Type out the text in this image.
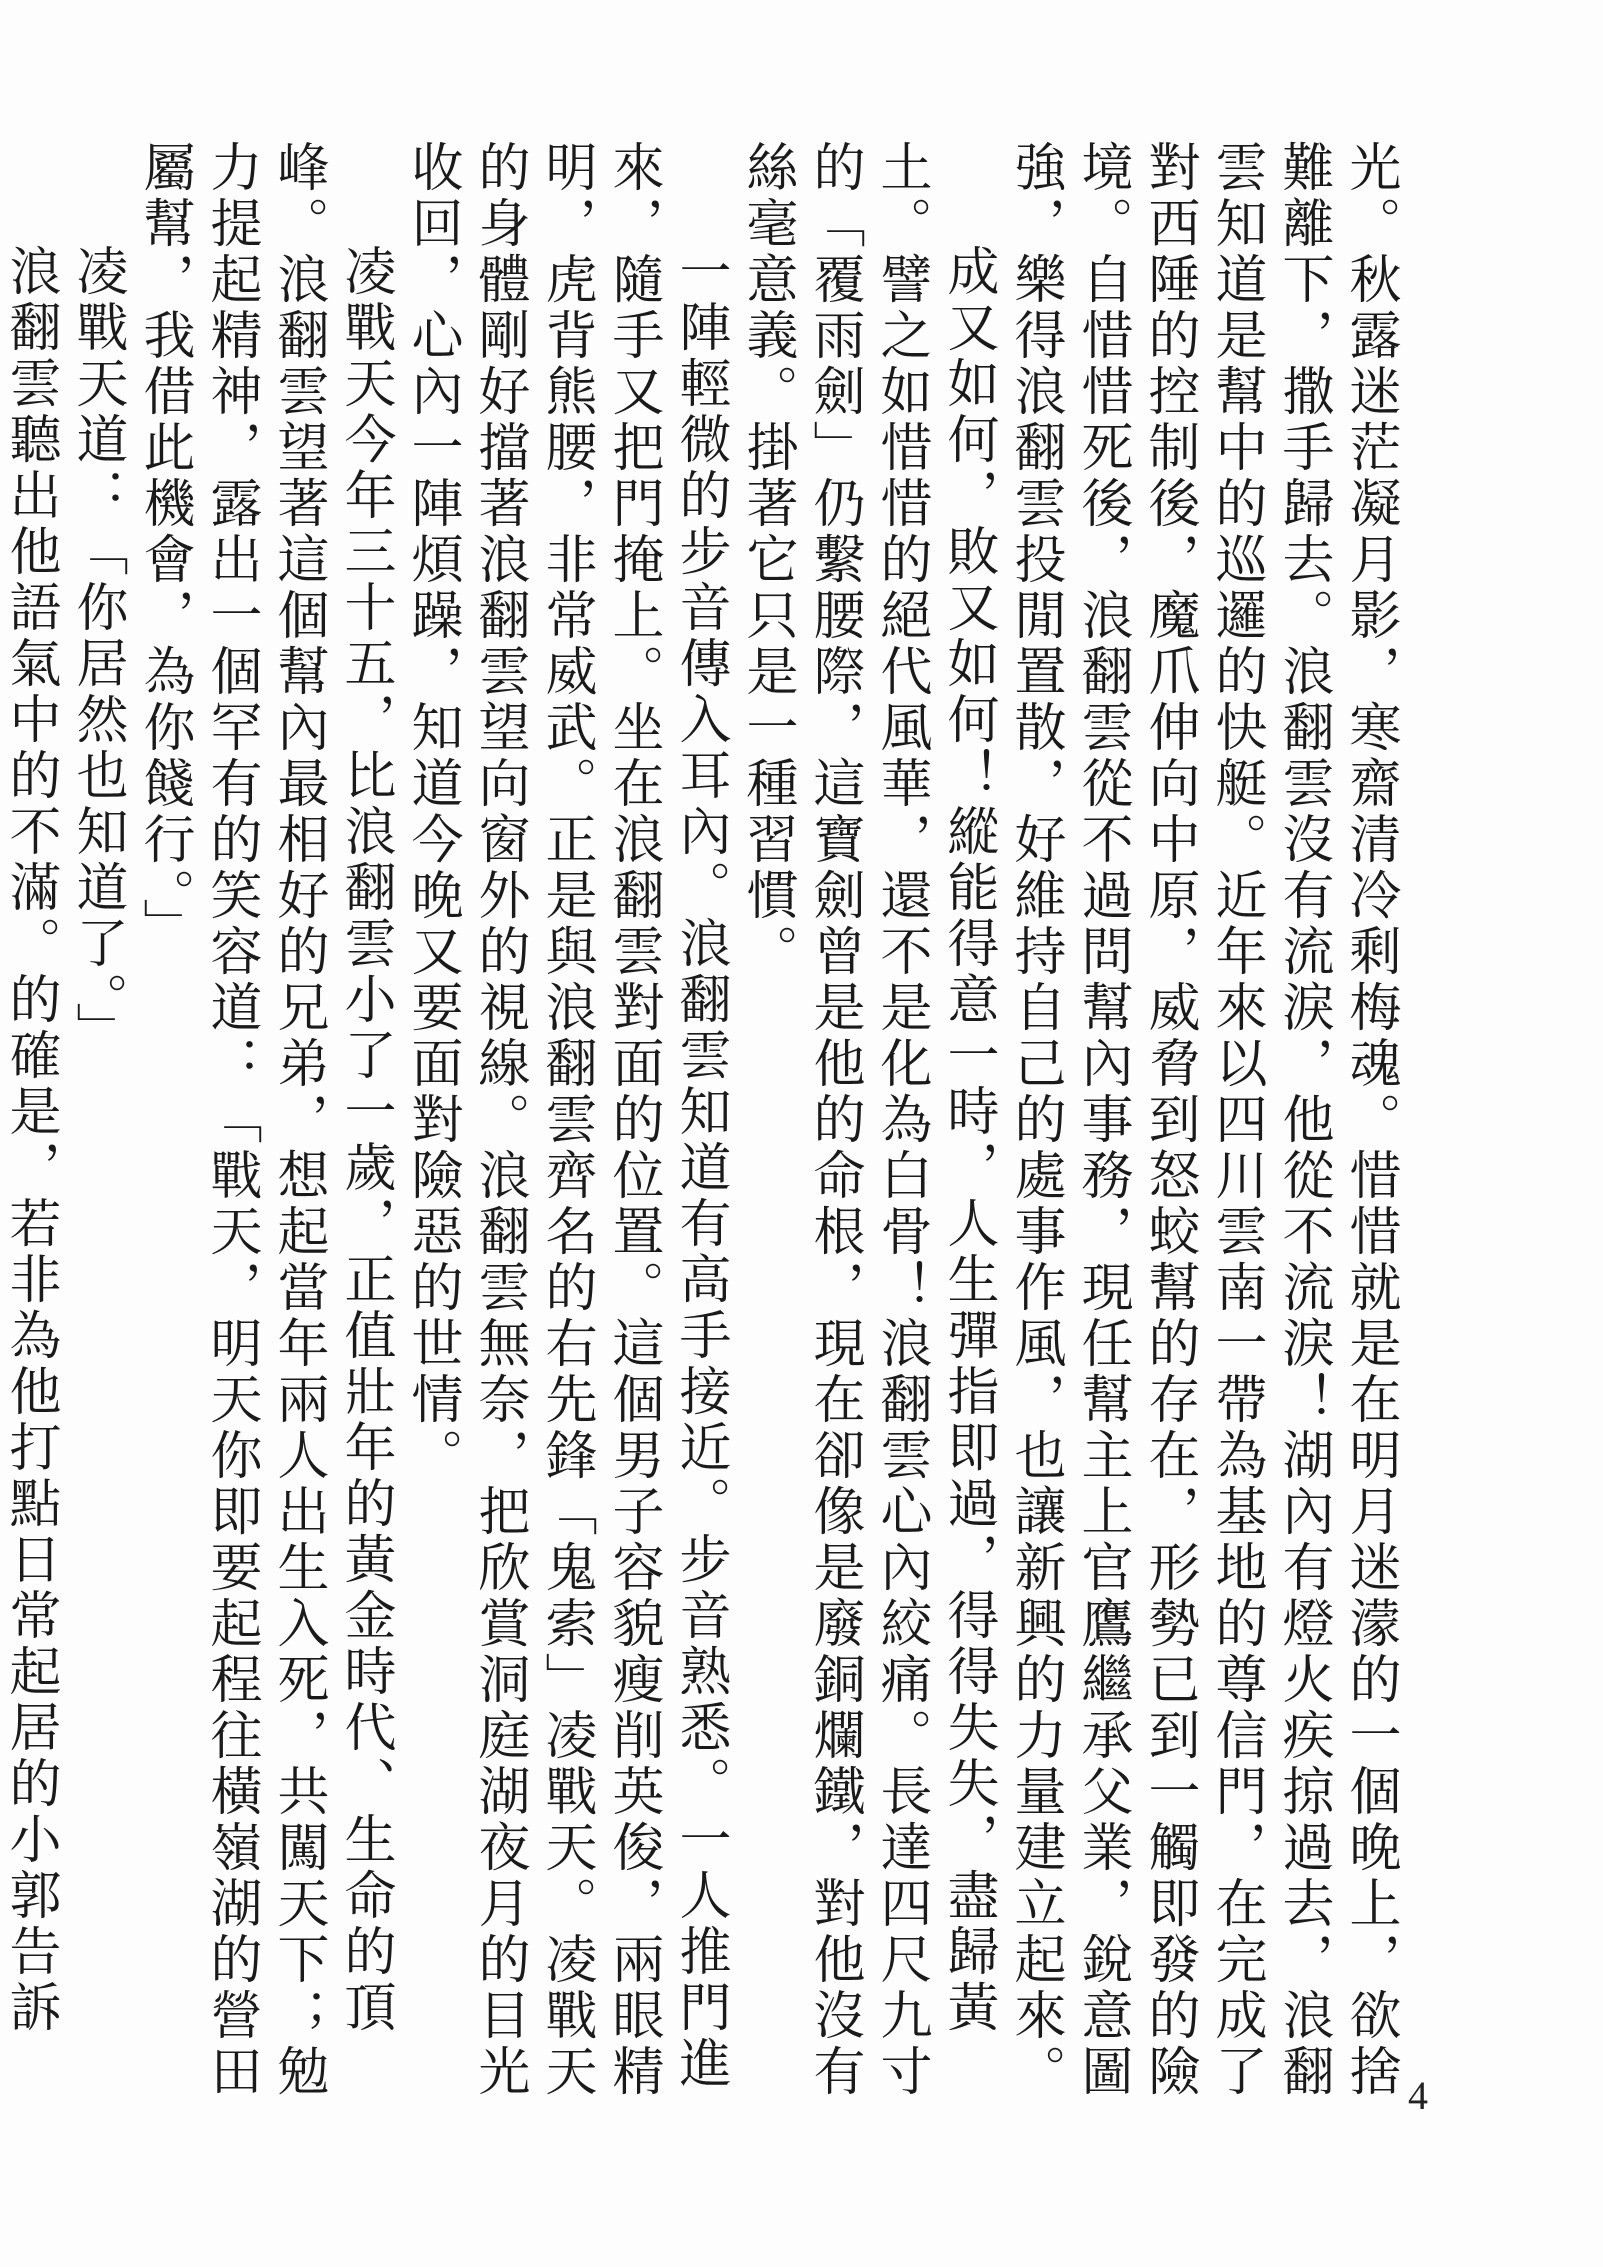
光。秋露迷茫凝月影，寒齋清冷剩梅魂。惜惜就是在明月迷濛的一個晚上，欲捨難離下，撒手歸去。浪翻雲沒有流淚，他從不流淚！湖內有燈火疾掠過去，浪翻雲知道是幫中的巡邏的快艇。近年來以四川雲南一帶為基地的尊信門，在完成了對西陲的控制後，魔爪伸向中原，威脅到怒蛟幫的存在，形勢已到一觸即發的險境。自惜惜死後，浪翻雲從不過問幫內事務，現任幫主上官鷹繼承父業，銳意圖強，樂得浪翻雲投閒置散，好維持自己的處事作風，也讓新興的力量建立起來。

成又如何，敗又如何！縱能得意一時，人生彈指即過，得得失失，盡歸黃土。譬之如惜惜的絕代風華，還不是化為白骨！浪翻雲心內絞痛。長達四尺九寸的「覆雨劍」仍繫腰際，這寶劍曾是他的命根，現在卻像是廢銅爛鐵，對他沒有絲毫意義。掛著它只是一種習慣。

一陣輕微的步音傳入耳內。浪翻雲知道有高手接近。步音熟悉。一人推門進來，隨手又把門掩上。坐在浪翻雲對面的位置。這個男子容貌瘦削英俊，兩眼精明，虎背熊腰，非常威武。正是與浪翻雲齊名的右先鋒「鬼索」凌戰天。凌戰天的身體剛好擋著浪翻雲望向窗外的視線。浪翻雲無奈，把欣賞洞庭湖夜月的目光收回，心內一陣煩躁，知道今晚又要面對險惡的世情。

凌戰天今年三十五，比浪翻雲小了一歲，正值壯年的黃金時代、生命的頂峰。浪翻雲望著這個幫內最相好的兄弟，想起當年兩人出生入死，共闖天下；勉力提起精神，露出一個罕有的笑容道：「戰天，明天你即要起程往橫嶺湖的營田屬幫，我借此機會，為你餞行。」

凌戰天道：「你居然也知道了。」

浪翻雲聽出他語氣中的不滿。的確是，若非為他打點日常起居的小郭告訴

4
